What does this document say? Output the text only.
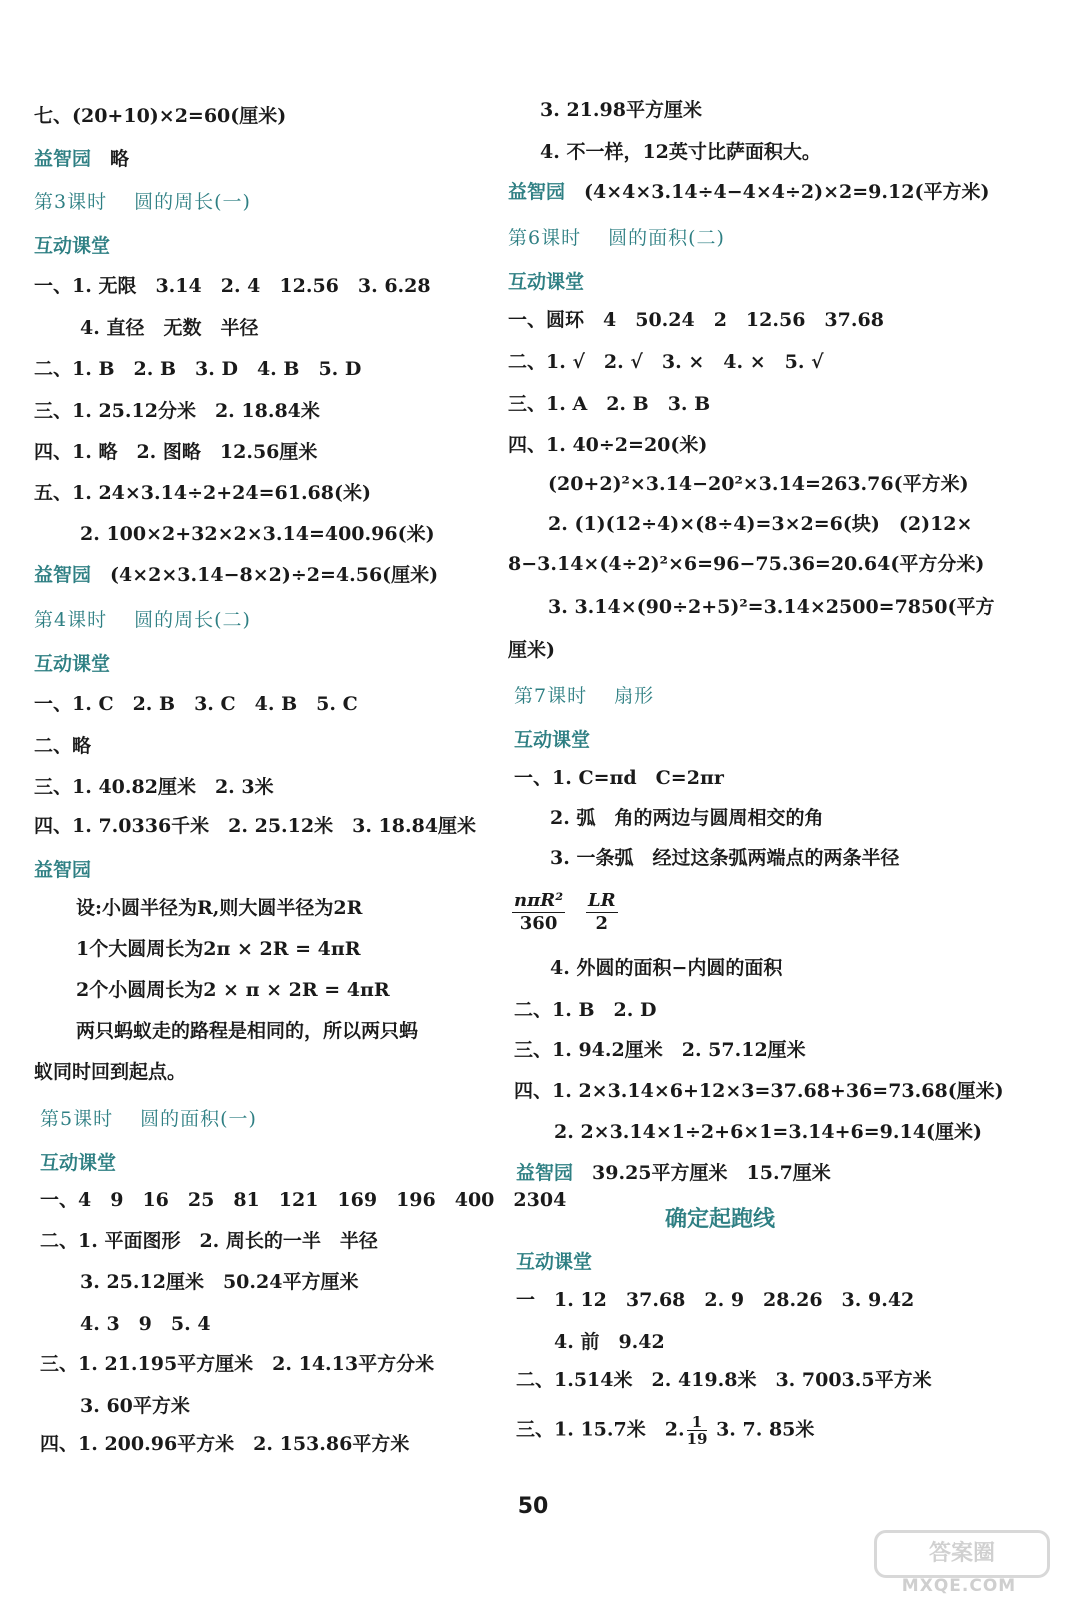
七、(20+10)×2=60(厘米)
益智园　 略
第3课时　 圆的周长(一)
互动课堂
一、1. 无限　3.14　2. 4　12.56　3. 6.28
4. 直径　无数　半径
二、1. B　2. B　3. D　4. B　5. D
三、1. 25.12分米　2. 18.84米
四、1. 略　2. 图略　12.56厘米
五、1. 24×3.14÷2+24=61.68(米)
2. 100×2+32×2×3.14=400.96(米)
益智园　 (4×2×3.14−8×2)÷2=4.56(厘米)
第4课时　 圆的周长(二)
互动课堂
一、1. C　2. B　3. C　4. B　5. C
二、略
三、1. 40.82厘米　2. 3米
四、1. 7.0336千米　2. 25.12米　3. 18.84厘米
益智园
设:小圆半径为R,则大圆半径为2R
1个大圆周长为2π × 2R = 4πR
2个小圆周长为2 × π × 2R = 4πR
两只蚂蚁走的路程是相同的，所以两只蚂
蚁同时回到起点。
第5课时　 圆的面积(一)
互动课堂
一、4　9　16　25　81　121　169　196　400　2304
二、1. 平面图形　2. 周长的一半　半径
3. 25.12厘米　50.24平方厘米
4. 3　9　5. 4
三、1. 21.195平方厘米　2. 14.13平方分米
3. 60平方米
四、1. 200.96平方米　2. 153.86平方米
3. 21.98平方厘米
4. 不一样，12英寸比萨面积大。
益智园　 (4×4×3.14÷4−4×4÷2)×2=9.12(平方米)
第6课时　 圆的面积(二)
互动课堂
一、圆环　4　50.24　2　12.56　37.68
二、1. √　2. √　3. ×　4. ×　5. √
三、1. A　2. B　3. B
四、1. 40÷2=20(米)
(20+2)²×3.14−20²×3.14=263.76(平方米)
2. (1)(12÷4)×(8÷4)=3×2=6(块)　(2)12×
8−3.14×(4÷2)²×6=96−75.36=20.64(平方分米)
3. 3.14×(90÷2+5)²=3.14×2500=7850(平方
厘米)
第7课时　 扇形
互动课堂
一、1. C=πd　C=2πr
2. 弧　角的两边与圆周相交的角
3. 一条弧　经过这条弧两端点的两条半径
nπR²
360	$\frac{LR}{2}$
4. 外圆的面积−内圆的面积
二、1. B　2. D
三、1. 94.2厘米　2. 57.12厘米
四、1. 2×3.14×6+12×3=37.68+36=73.68(厘米)
2. 2×3.14×1÷2+6×1=3.14+6=9.14(厘米)
益智园　 39.25平方厘米　15.7厘米
确定起跑线
互动课堂
一　1. 12　37.68　2. 9　28.26　3. 9.42
4. 前　9.42
二、1.514米　2. 419.8米　3. 7003.5平方米
三、1. 15.7米　2. $\frac{1}{19} 3$. 7. 85米
50
答案圈
MXQE.COM
